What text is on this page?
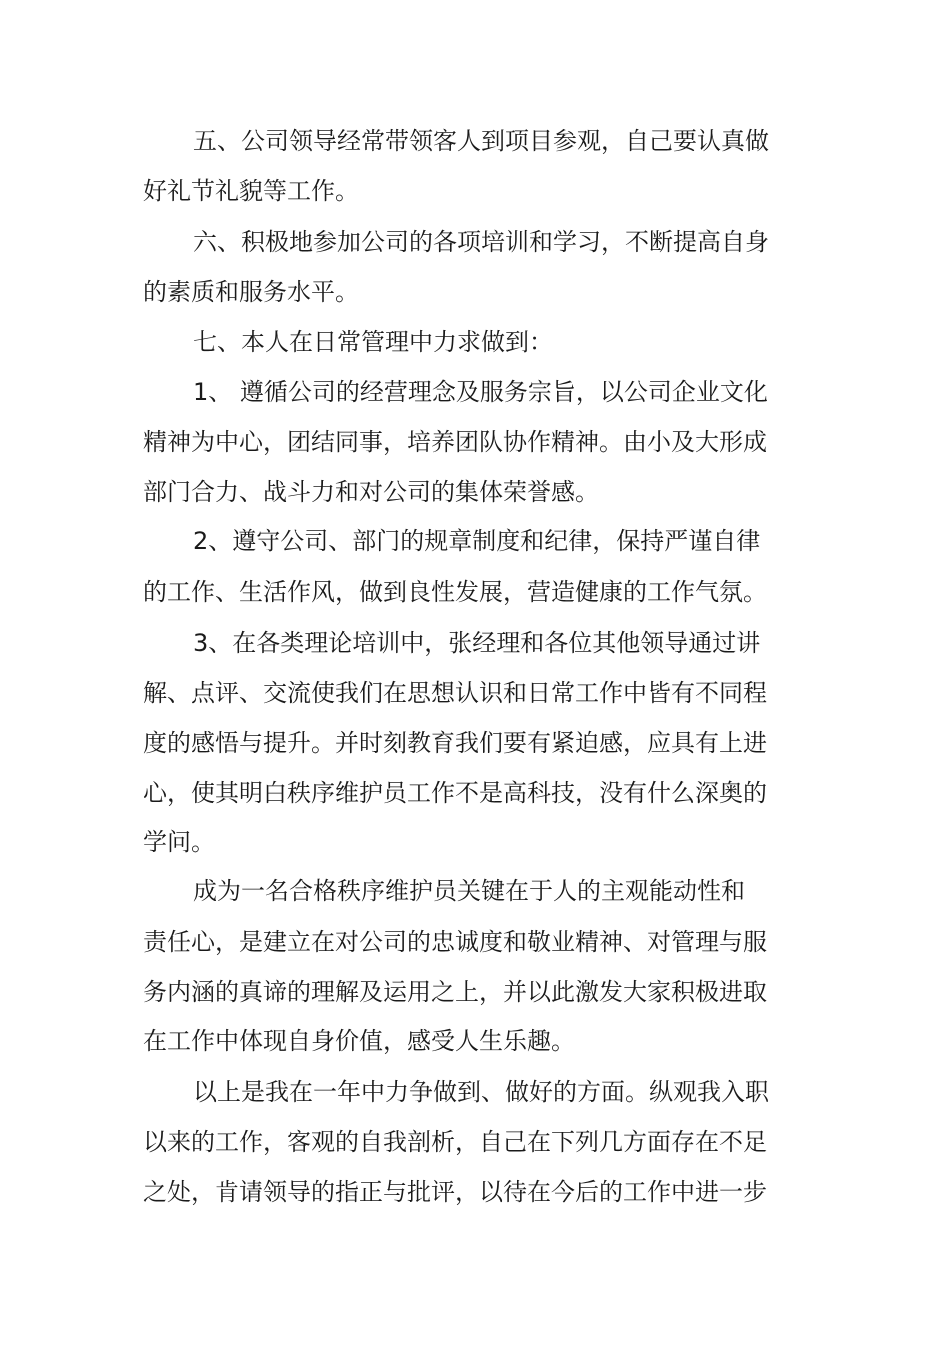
五、公司领导经常带领客人到项目参观，自己要认真做
好礼节礼貌等工作。
六、积极地参加公司的各项培训和学习，不断提高自身
的素质和服务水平。
七、本人在日常管理中力求做到：
1、 遵循公司的经营理念及服务宗旨，以公司企业文化
精神为中心，团结同事，培养团队协作精神。由小及大形成
部门合力、战斗力和对公司的集体荣誉感。
2、遵守公司、部门的规章制度和纪律，保持严谨自律
的工作、生活作风，做到良性发展，营造健康的工作气氛。
3、在各类理论培训中，张经理和各位其他领导通过讲
解、点评、交流使我们在思想认识和日常工作中皆有不同程
度的感悟与提升。并时刻教育我们要有紧迫感，应具有上进
心，使其明白秩序维护员工作不是高科技，没有什么深奥的
学问。
成为一名合格秩序维护员关键在于人的主观能动性和
责任心，是建立在对公司的忠诚度和敬业精神、对管理与服
务内涵的真谛的理解及运用之上，并以此激发大家积极进取
在工作中体现自身价值，感受人生乐趣。
以上是我在一年中力争做到、做好的方面。纵观我入职
以来的工作，客观的自我剖析，自己在下列几方面存在不足
之处，肯请领导的指正与批评，以待在今后的工作中进一步
